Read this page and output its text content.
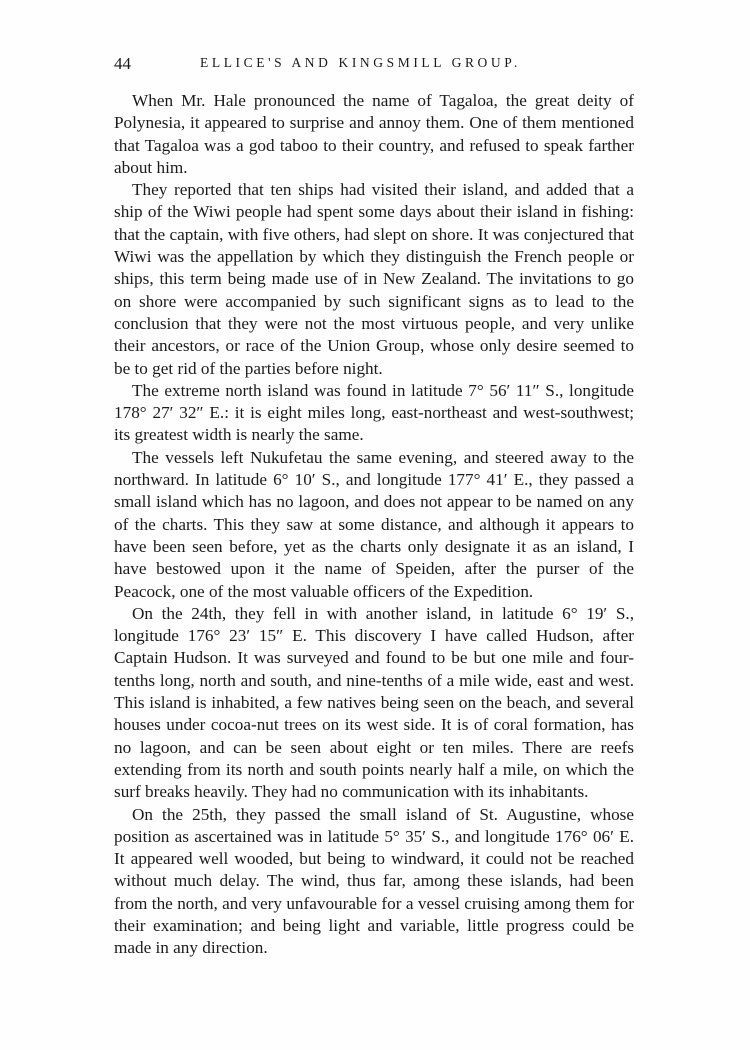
44	ELLICE'S AND KINGSMILL GROUP.

When Mr. Hale pronounced the name of Tagaloa, the great deity of Polynesia, it appeared to surprise and annoy them. One of them mentioned that Tagaloa was a god taboo to their country, and refused to speak farther about him.

They reported that ten ships had visited their island, and added that a ship of the Wiwi people had spent some days about their island in fishing: that the captain, with five others, had slept on shore. It was conjectured that Wiwi was the appellation by which they distinguish the French people or ships, this term being made use of in New Zealand. The invitations to go on shore were accompanied by such significant signs as to lead to the conclusion that they were not the most virtuous people, and very unlike their ancestors, or race of the Union Group, whose only desire seemed to be to get rid of the parties before night.

The extreme north island was found in latitude 7° 56′ 11″ S., longitude 178° 27′ 32″ E.: it is eight miles long, east-northeast and west-southwest; its greatest width is nearly the same.

The vessels left Nukufetau the same evening, and steered away to the northward. In latitude 6° 10′ S., and longitude 177° 41′ E., they passed a small island which has no lagoon, and does not appear to be named on any of the charts. This they saw at some distance, and although it appears to have been seen before, yet as the charts only designate it as an island, I have bestowed upon it the name of Speiden, after the purser of the Peacock, one of the most valuable officers of the Expedition.

On the 24th, they fell in with another island, in latitude 6° 19′ S., longitude 176° 23′ 15″ E. This discovery I have called Hudson, after Captain Hudson. It was surveyed and found to be but one mile and four-tenths long, north and south, and nine-tenths of a mile wide, east and west. This island is inhabited, a few natives being seen on the beach, and several houses under cocoa-nut trees on its west side. It is of coral formation, has no lagoon, and can be seen about eight or ten miles. There are reefs extending from its north and south points nearly half a mile, on which the surf breaks heavily. They had no communication with its inhabitants.

On the 25th, they passed the small island of St. Augustine, whose position as ascertained was in latitude 5° 35′ S., and longitude 176° 06′ E. It appeared well wooded, but being to windward, it could not be reached without much delay. The wind, thus far, among these islands, had been from the north, and very unfavourable for a vessel cruising among them for their examination; and being light and variable, little progress could be made in any direction.
